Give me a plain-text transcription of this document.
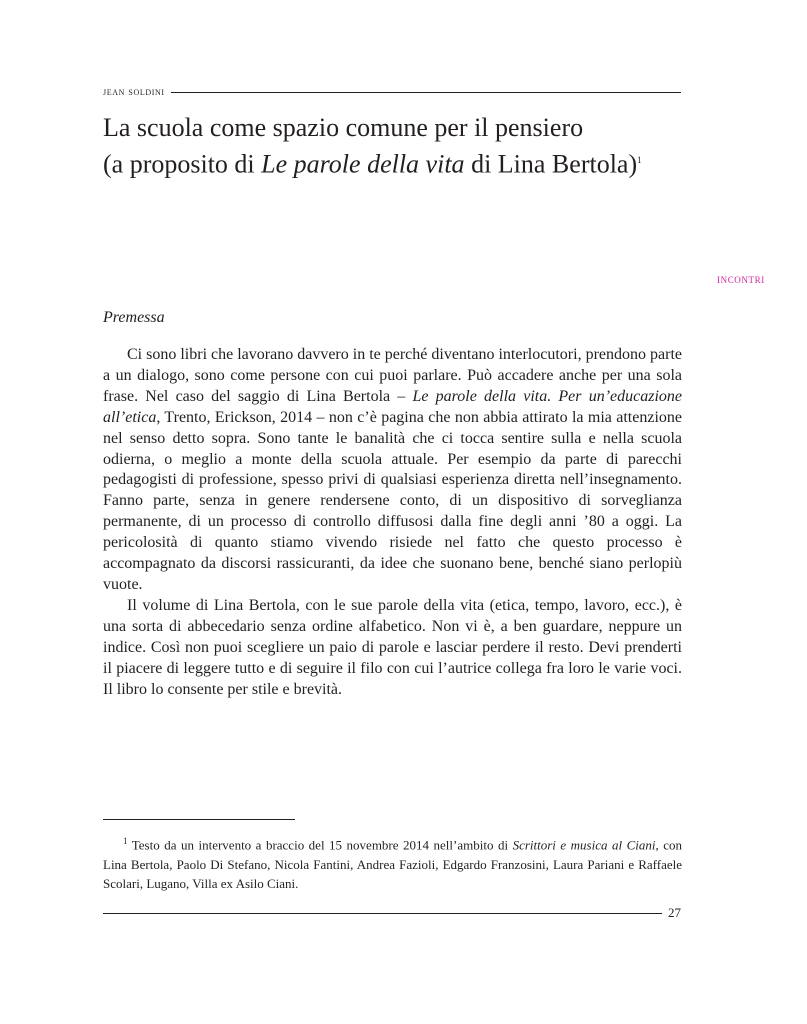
jean soldini

La scuola come spazio comune per il pensiero

(a proposito di Le parole della vita di Lina Bertola)$^1$

INCONTRI
Premessa

Ci sono libri che lavorano davvero in te perché diventano interlocutori, prendono parte a un dialogo, sono come persone con cui puoi parlare. Può accadere anche per una sola frase. Nel caso del saggio di Lina Bertola – Le parole della vita. Per un’educazione all’etica, Trento, Erickson, 2014 – non c’è pagina che non abbia attirato la mia attenzione nel senso detto sopra. Sono tante le banalità che ci tocca sentire sulla e nella scuola odierna, o meglio a monte della scuola attuale. Per esempio da parte di parecchi pedagogisti di professione, spesso privi di qualsiasi esperienza diretta nell’insegnamento. Fanno parte, senza in genere rendersene conto, di un dispositivo di sorveglianza permanente, di un processo di controllo diffusosi dalla fine degli anni ’80 a oggi. La pericolosità di quanto stiamo vivendo risiede nel fatto che questo processo è accompagnato da discorsi rassicuranti, da idee che suonano bene, benché siano perlopiù vuote.

Il volume di Lina Bertola, con le sue parole della vita (etica, tempo, lavoro, ecc.), è una sorta di abbecedario senza ordine alfabetico. Non vi è, a ben guardare, neppure un indice. Così non puoi scegliere un paio di parole e lasciar perdere il resto. Devi prenderti il piacere di leggere tutto e di seguire il filo con cui l’autrice collega fra loro le varie voci. Il libro lo consente per stile e brevità.

$^1$ Testo da un intervento a braccio del 15 novembre 2014 nell’ambito di Scrittori e musica al Ciani, con Lina Bertola, Paolo Di Stefano, Nicola Fantini, Andrea Fazioli, Edgardo Franzosini, Laura Pariani e Raffaele Scolari, Lugano, Villa ex Asilo Ciani.

27
